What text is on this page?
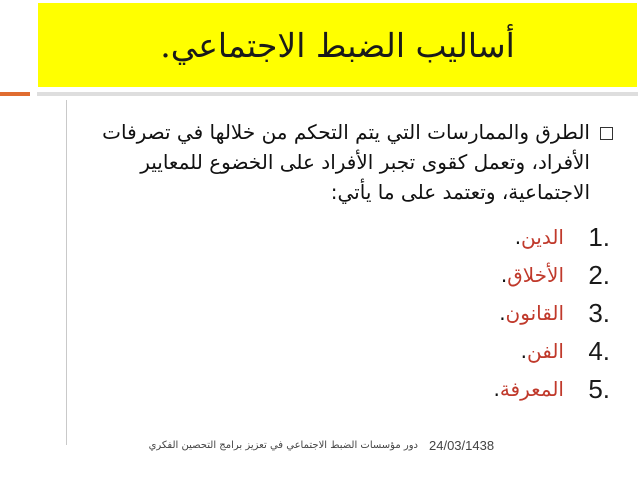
أساليب الضبط الاجتماعي.
الطرق والممارسات التي يتم التحكم من خلالها في تصرفات الأفراد، وتعمل كقوى تجبر الأفراد على الخضوع للمعايير الاجتماعية، وتعتمد على ما يأتي:
1.
الدين
.
2.
الأخلاق
.
3.
القانون
.
4.
الفن
.
5.
المعرفة
.
24/03/1438
دور مؤسسات الضبط الاجتماعي في تعزيز برامج التحصين الفكري
